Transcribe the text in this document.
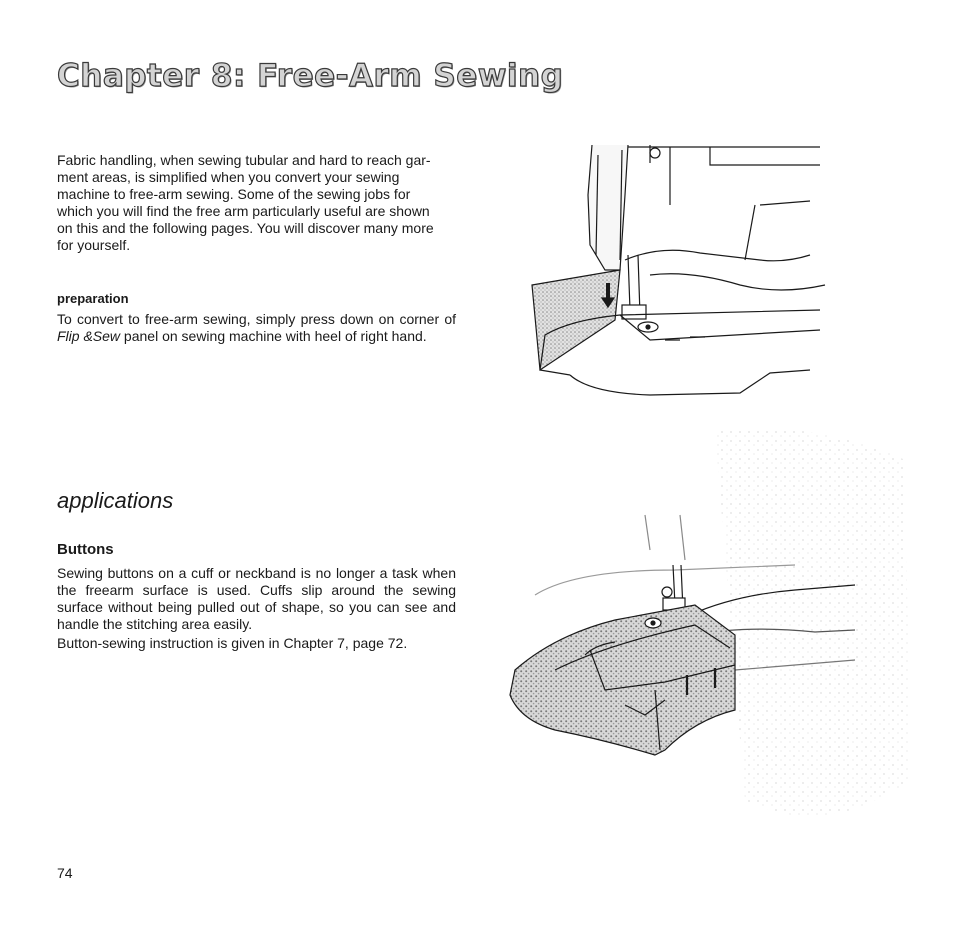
Chapter 8: Free-Arm Sewing

Fabric handling, when sewing tubular and hard to reach gar-
ment areas, is simplified when you convert your sewing
machine to free-arm sewing. Some of the sewing jobs for
which you will find the free arm particularly useful are shown
on this and the following pages. You will discover many more
for yourself.

preparation

To convert to free-arm sewing, simply press down on corner of Flip &Sew panel on sewing machine with heel of right hand.

applications
Buttons

Sewing buttons on a cuff or neckband is no longer a task when the freearm surface is used. Cuffs slip around the sewing surface without being pulled out of shape, so you can see and handle the stitching area easily.

Button-sewing instruction is given in Chapter 7, page 72.

74
